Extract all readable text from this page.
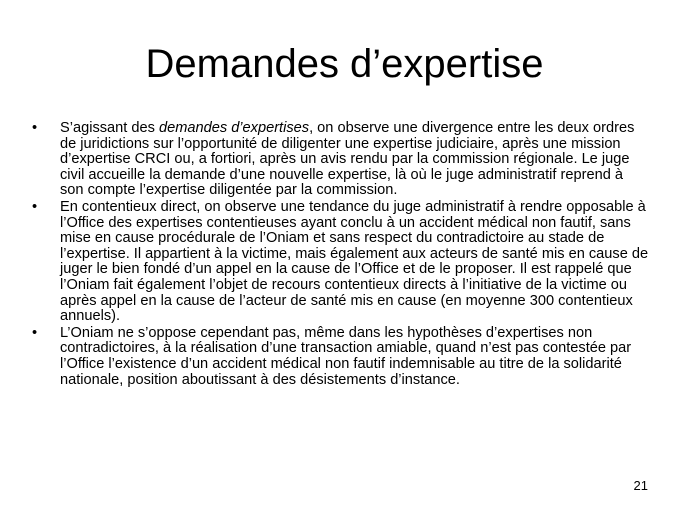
Demandes d’expertise
• S’agissant des demandes d’expertises, on observe une divergence entre les deux ordres de juridictions sur l’opportunité de diligenter une expertise judiciaire, après une mission d’expertise CRCI ou, a fortiori, après un avis rendu par la commission régionale. Le juge civil accueille la demande d’une nouvelle expertise, là où le juge administratif reprend à son compte l’expertise diligentée par la commission.
• En contentieux direct, on observe une tendance du juge administratif à rendre opposable à l’Office des expertises contentieuses ayant conclu à un accident médical non fautif, sans mise en cause procédurale de l’Oniam et sans respect du contradictoire au stade de l’expertise. Il appartient à la victime, mais également aux acteurs de santé mis en cause de juger le bien fondé d’un appel en la cause de l’Office et de le proposer. Il est rappelé que l’Oniam fait également l’objet de recours contentieux directs à l’initiative de la victime ou après appel en la cause de l’acteur de santé mis en cause (en moyenne 300 contentieux annuels).
• L’Oniam ne s’oppose cependant pas, même dans les hypothèses d’expertises non contradictoires, à la réalisation d’une transaction amiable, quand n’est pas contestée par l’Office l’existence d’un accident médical non fautif indemnisable au titre de la solidarité nationale, position aboutissant à des désistements d’instance.
21
